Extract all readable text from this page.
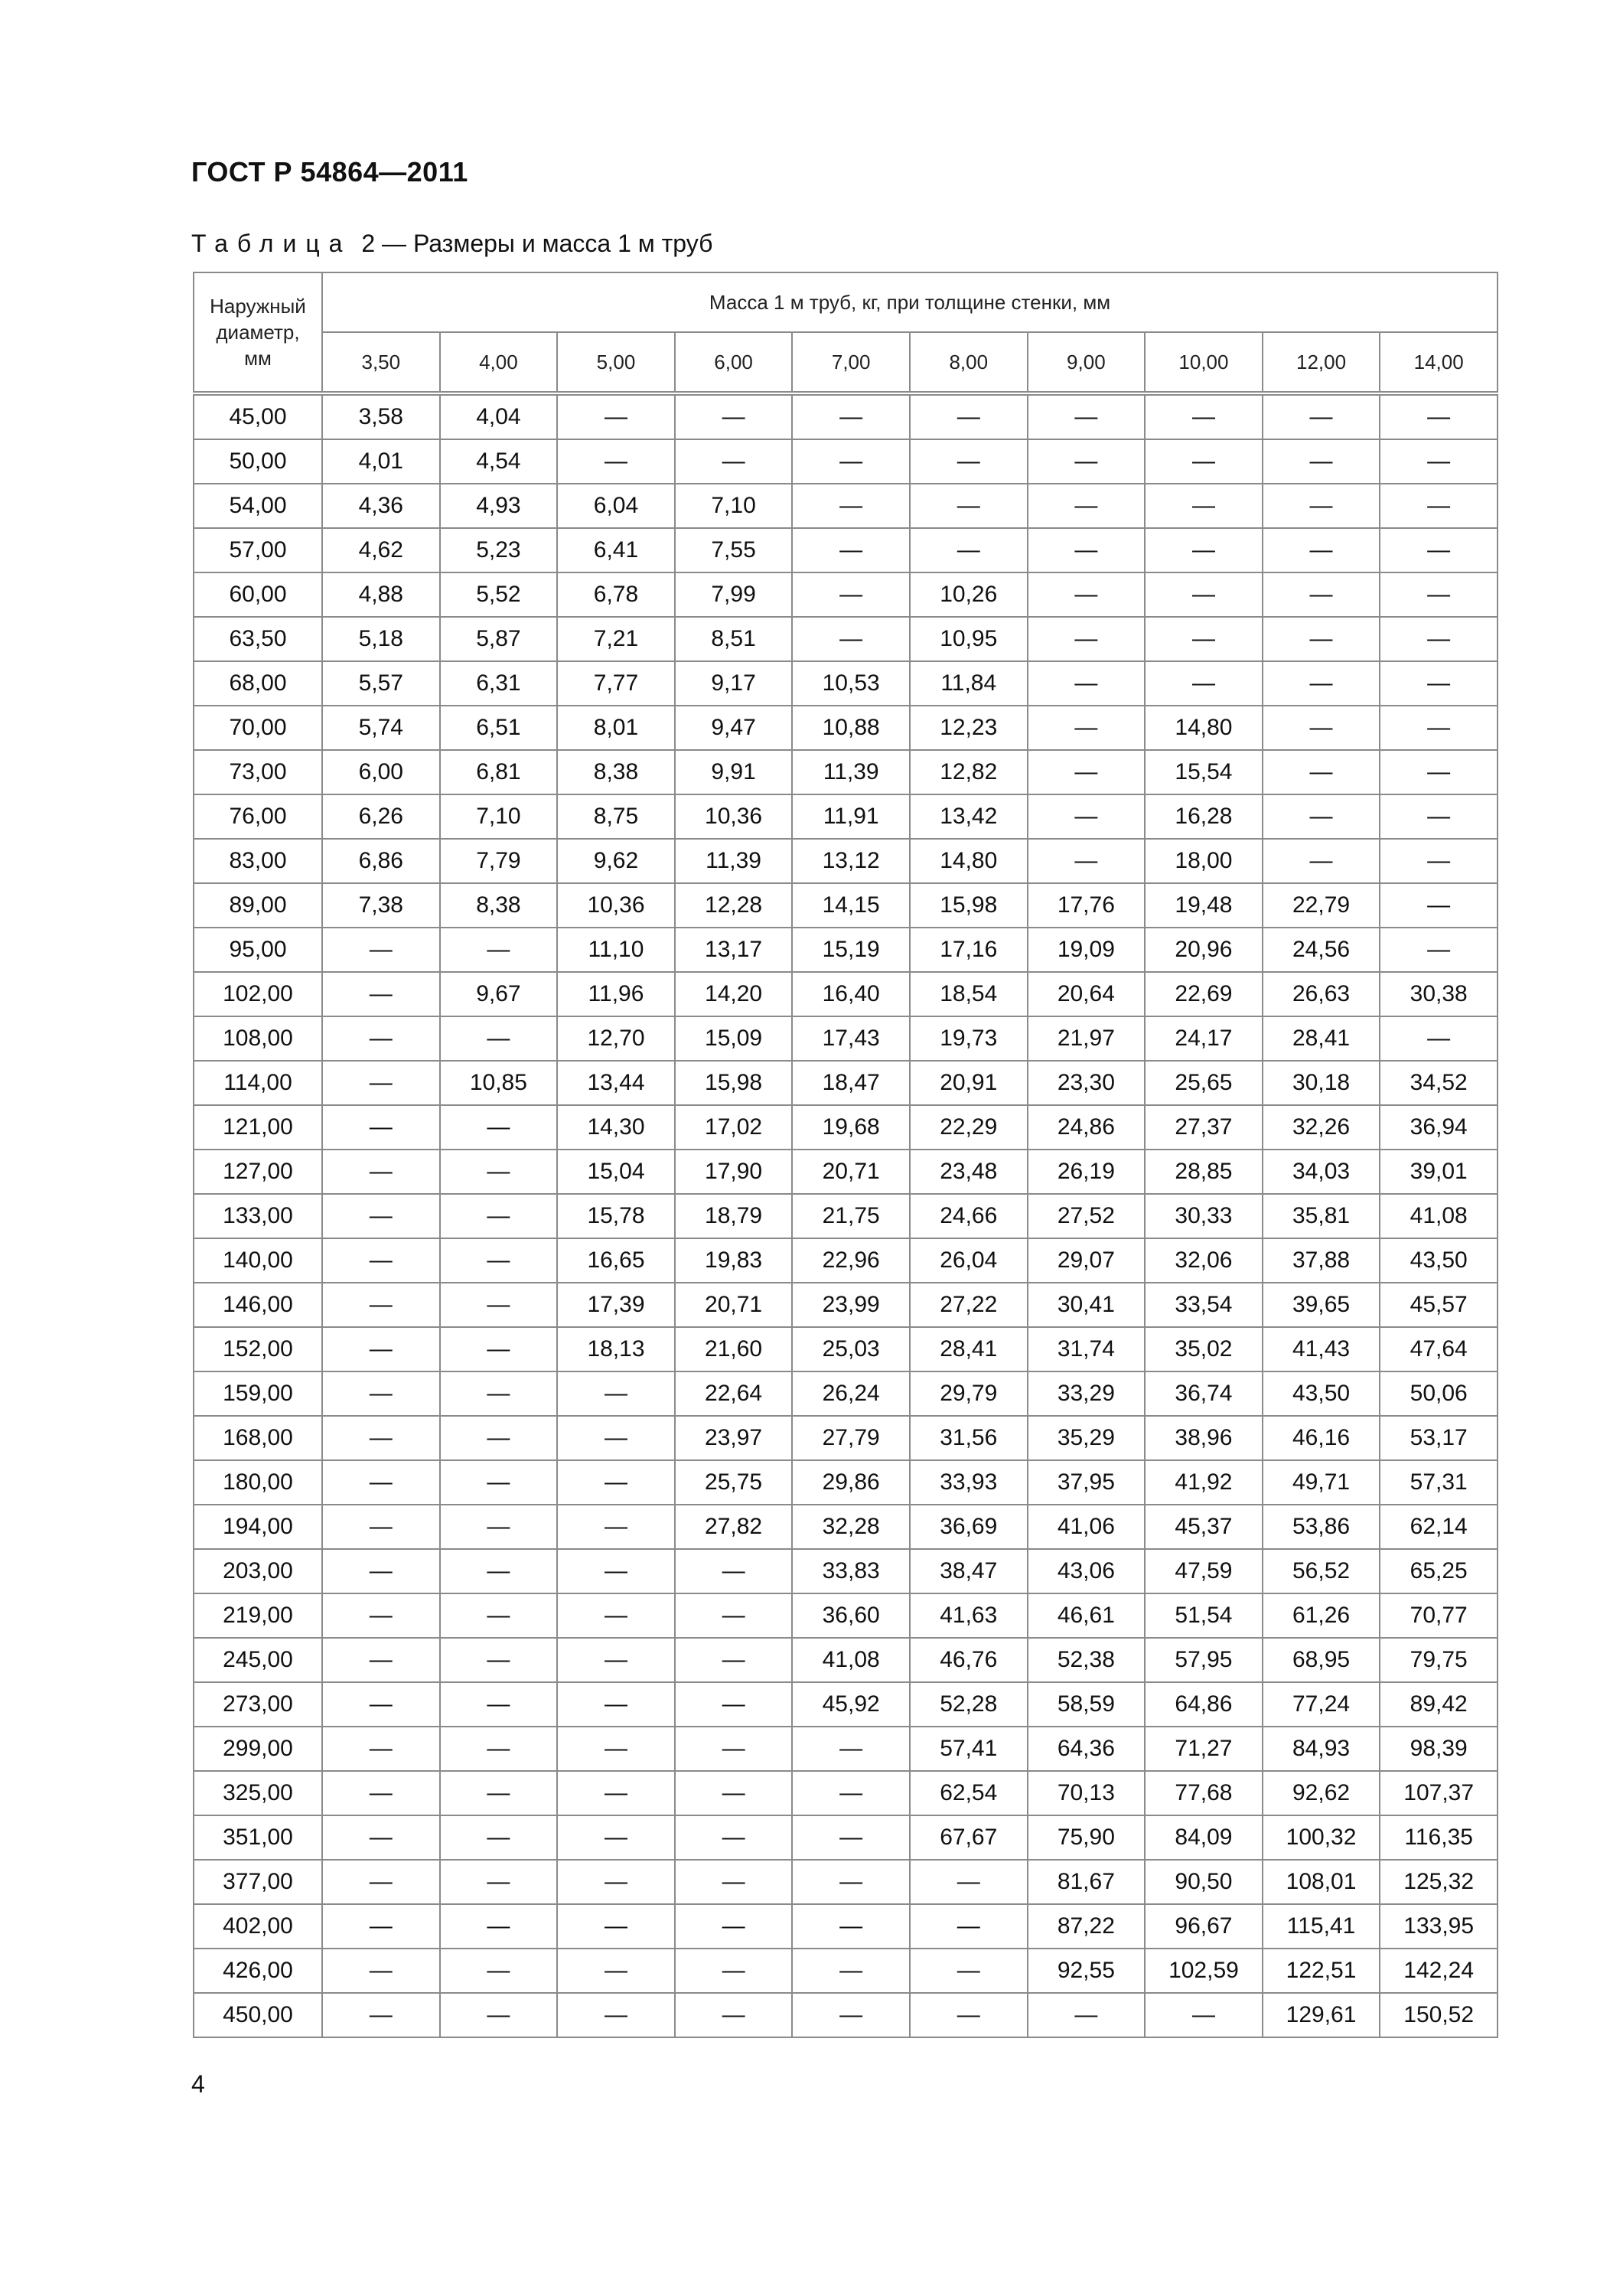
ГОСТ Р 54864—2011
Таблица 2 — Размеры и масса 1 м труб
Наружный
диаметр,
мм	Масса 1 м труб, кг, при толщине стенки, мм									
	3,50	4,00	5,00	6,00	7,00	8,00	9,00	10,00	12,00	14,00
45,00	3,58	4,04	—	—	—	—	—	—	—	—
50,00	4,01	4,54	—	—	—	—	—	—	—	—
54,00	4,36	4,93	6,04	7,10	—	—	—	—	—	—
57,00	4,62	5,23	6,41	7,55	—	—	—	—	—	—
60,00	4,88	5,52	6,78	7,99	—	10,26	—	—	—	—
63,50	5,18	5,87	7,21	8,51	—	10,95	—	—	—	—
68,00	5,57	6,31	7,77	9,17	10,53	11,84	—	—	—	—
70,00	5,74	6,51	8,01	9,47	10,88	12,23	—	14,80	—	—
73,00	6,00	6,81	8,38	9,91	11,39	12,82	—	15,54	—	—
76,00	6,26	7,10	8,75	10,36	11,91	13,42	—	16,28	—	—
83,00	6,86	7,79	9,62	11,39	13,12	14,80	—	18,00	—	—
89,00	7,38	8,38	10,36	12,28	14,15	15,98	17,76	19,48	22,79	—
95,00	—	—	11,10	13,17	15,19	17,16	19,09	20,96	24,56	—
102,00	—	9,67	11,96	14,20	16,40	18,54	20,64	22,69	26,63	30,38
108,00	—	—	12,70	15,09	17,43	19,73	21,97	24,17	28,41	—
114,00	—	10,85	13,44	15,98	18,47	20,91	23,30	25,65	30,18	34,52
121,00	—	—	14,30	17,02	19,68	22,29	24,86	27,37	32,26	36,94
127,00	—	—	15,04	17,90	20,71	23,48	26,19	28,85	34,03	39,01
133,00	—	—	15,78	18,79	21,75	24,66	27,52	30,33	35,81	41,08
140,00	—	—	16,65	19,83	22,96	26,04	29,07	32,06	37,88	43,50
146,00	—	—	17,39	20,71	23,99	27,22	30,41	33,54	39,65	45,57
152,00	—	—	18,13	21,60	25,03	28,41	31,74	35,02	41,43	47,64
159,00	—	—	—	22,64	26,24	29,79	33,29	36,74	43,50	50,06
168,00	—	—	—	23,97	27,79	31,56	35,29	38,96	46,16	53,17
180,00	—	—	—	25,75	29,86	33,93	37,95	41,92	49,71	57,31
194,00	—	—	—	27,82	32,28	36,69	41,06	45,37	53,86	62,14
203,00	—	—	—	—	33,83	38,47	43,06	47,59	56,52	65,25
219,00	—	—	—	—	36,60	41,63	46,61	51,54	61,26	70,77
245,00	—	—	—	—	41,08	46,76	52,38	57,95	68,95	79,75
273,00	—	—	—	—	45,92	52,28	58,59	64,86	77,24	89,42
299,00	—	—	—	—	—	57,41	64,36	71,27	84,93	98,39
325,00	—	—	—	—	—	62,54	70,13	77,68	92,62	107,37
351,00	—	—	—	—	—	67,67	75,90	84,09	100,32	116,35
377,00	—	—	—	—	—	—	81,67	90,50	108,01	125,32
402,00	—	—	—	—	—	—	87,22	96,67	115,41	133,95
426,00	—	—	—	—	—	—	92,55	102,59	122,51	142,24
450,00	—	—	—	—	—	—	—	—	129,61	150,52
4
